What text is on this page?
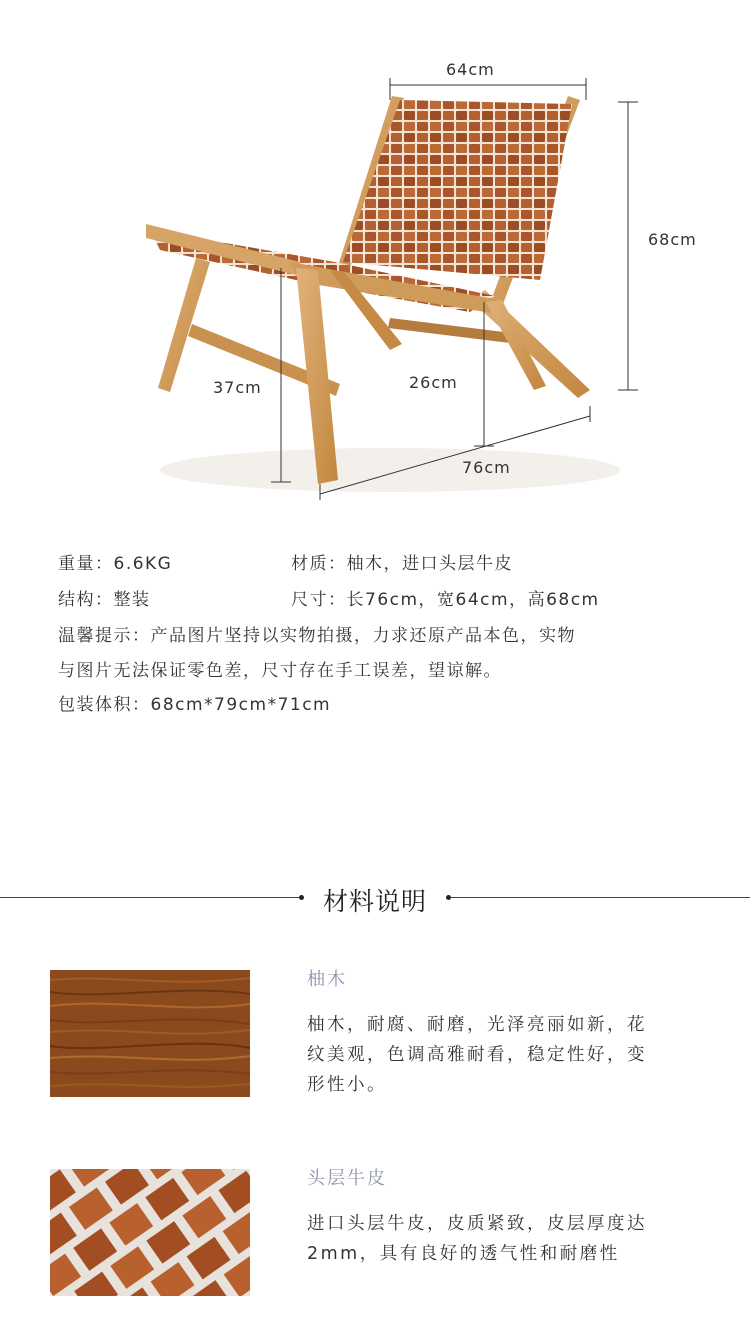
64cm
68cm
37cm	26cm
76cm
重量：6.6KG	材质：柚木，进口头层牛皮
结构：整装	尺寸：长76cm，宽64cm，高68cm
温馨提示：产品图片坚持以实物拍摄，力求还原产品本色，实物
与图片无法保证零色差，尺寸存在手工误差，望谅解。
包装体积：68cm*79cm*71cm
材料说明
柚木
柚木，耐腐、耐磨，光泽亮丽如新，花
纹美观，色调高雅耐看，稳定性好，变
形性小。
头层牛皮
进口头层牛皮，皮质紧致，皮层厚度达
2mm，具有良好的透气性和耐磨性
